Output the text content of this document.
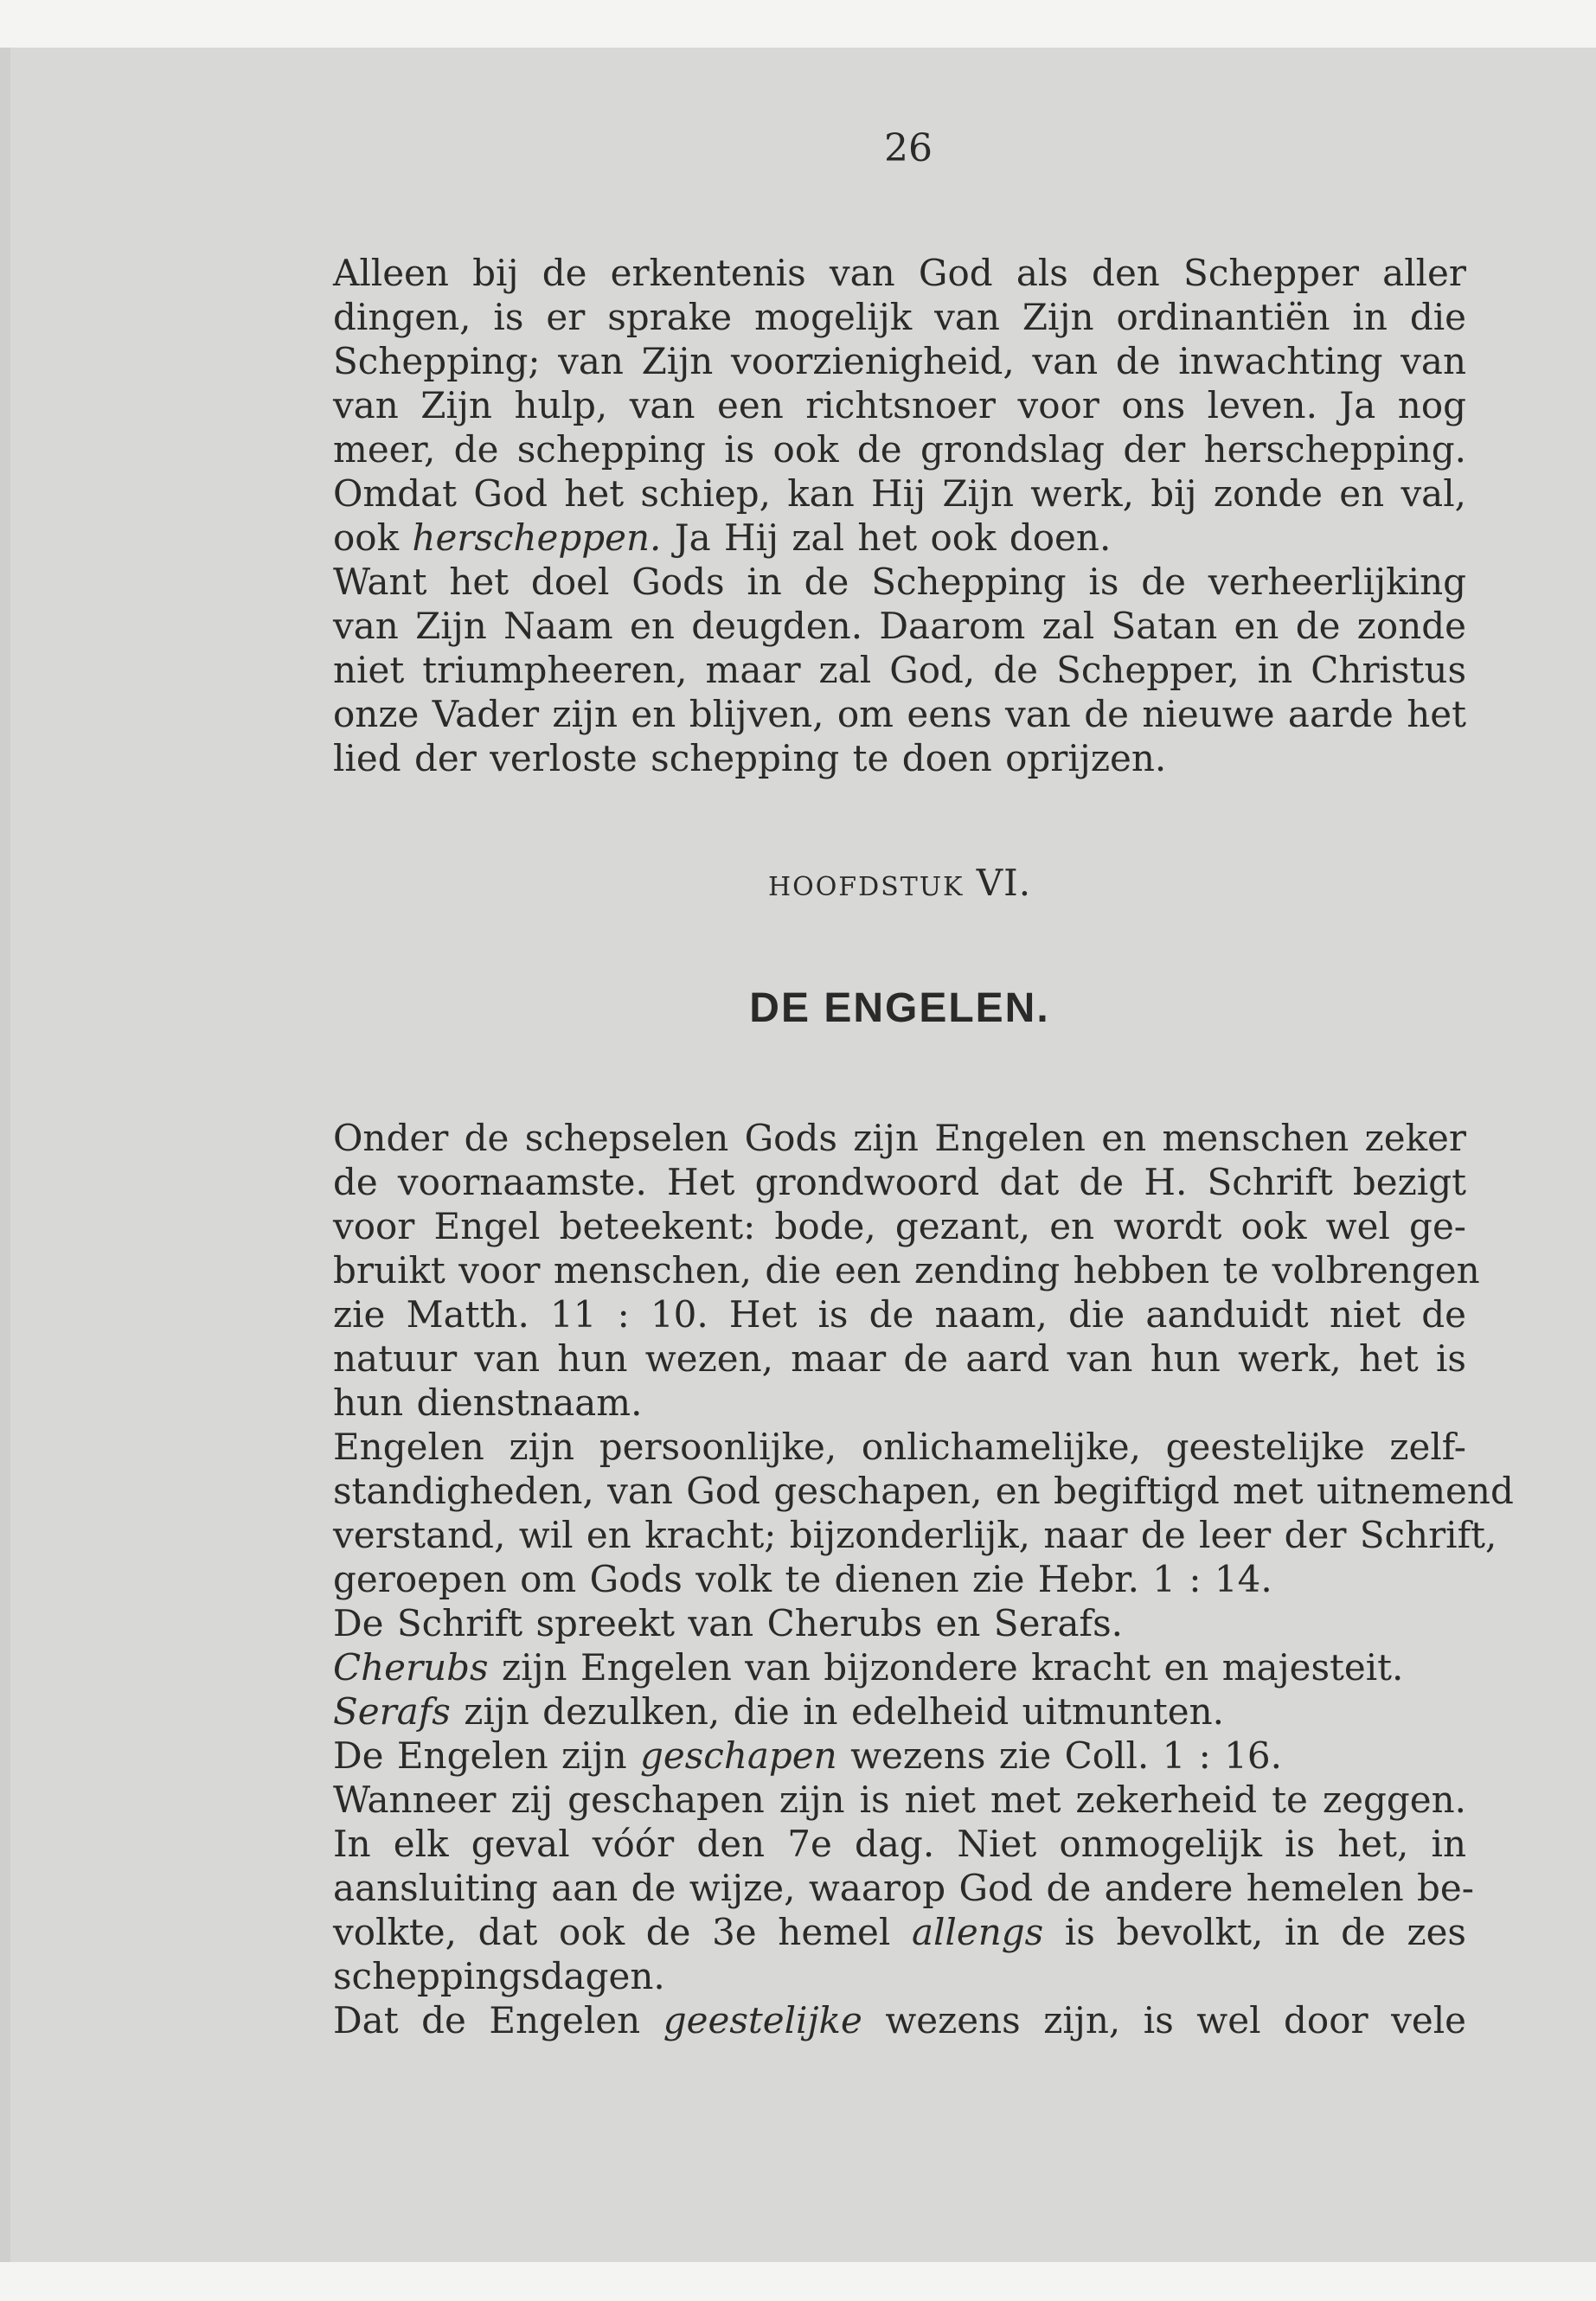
26

Alleen bij de erkentenis van God als den Schepper aller
dingen, is er sprake mogelijk van Zijn ordinantiën in die
Schepping; van Zijn voorzienigheid, van de inwachting van
van Zijn hulp, van een richtsnoer voor ons leven. Ja nog
meer, de schepping is ook de grondslag der herschepping.
Omdat God het schiep, kan Hij Zijn werk, bij zonde en val,
ook herscheppen. Ja Hij zal het ook doen.

Want het doel Gods in de Schepping is de verheerlijking
van Zijn Naam en deugden. Daarom zal Satan en de zonde
niet triumpheeren, maar zal God, de Schepper, in Christus
onze Vader zijn en blijven, om eens van de nieuwe aarde het
lied der verloste schepping te doen oprijzen.

HOOFDSTUK VI.
DE ENGELEN.

Onder de schepselen Gods zijn Engelen en menschen zeker
de voornaamste. Het grondwoord dat de H. Schrift bezigt
voor Engel beteekent: bode, gezant, en wordt ook wel ge-
bruikt voor menschen, die een zending hebben te volbrengen
zie Matth. 11 : 10. Het is de naam, die aanduidt niet de
natuur van hun wezen, maar de aard van hun werk, het is
hun dienstnaam.

Engelen zijn persoonlijke, onlichamelijke, geestelijke zelf-
standigheden, van God geschapen, en begiftigd met uitnemend
verstand, wil en kracht; bijzonderlijk, naar de leer der Schrift,
geroepen om Gods volk te dienen zie Hebr. 1 : 14.

De Schrift spreekt van Cherubs en Serafs.

Cherubs zijn Engelen van bijzondere kracht en majesteit.

Serafs zijn dezulken, die in edelheid uitmunten.

De Engelen zijn geschapen wezens zie Coll. 1 : 16.

Wanneer zij geschapen zijn is niet met zekerheid te zeggen.
In elk geval vóór den 7e dag. Niet onmogelijk is het, in
aansluiting aan de wijze, waarop God de andere hemelen be-
volkte, dat ook de 3e hemel allengs is bevolkt, in de zes
scheppingsdagen.

Dat de Engelen geestelijke wezens zijn, is wel door vele
